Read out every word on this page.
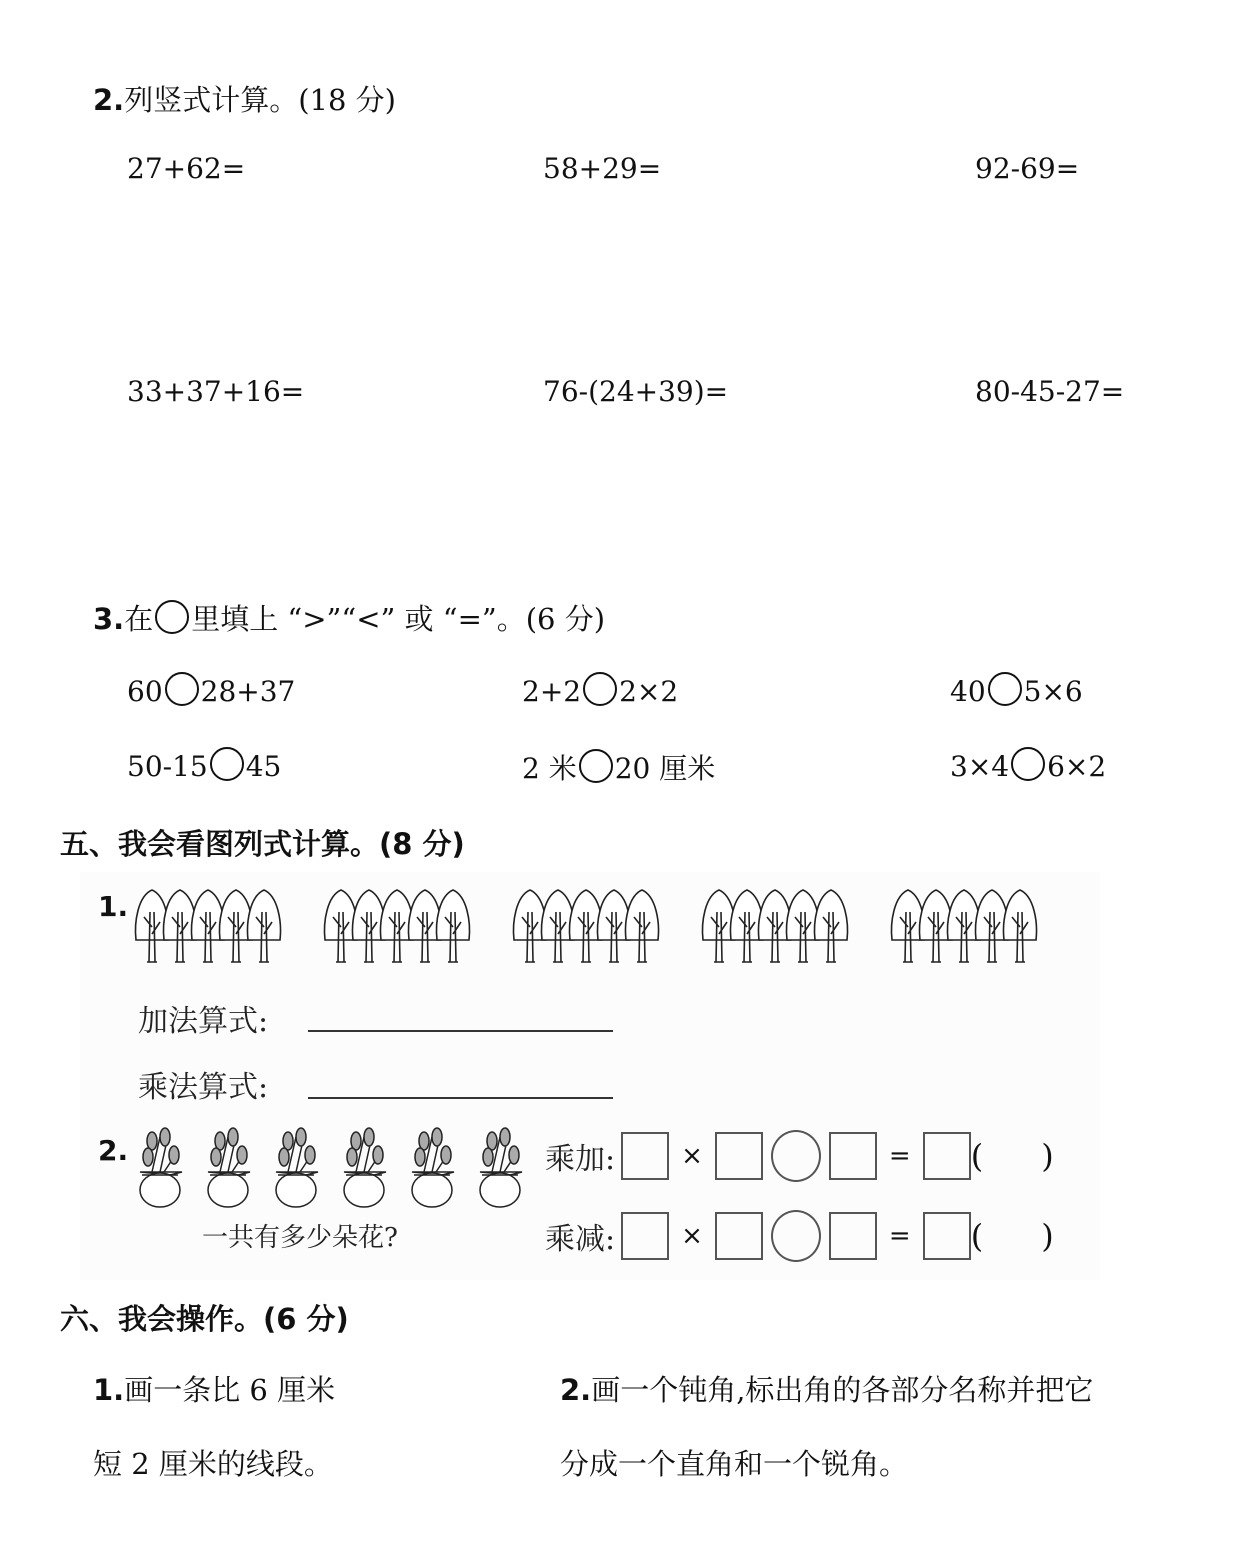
2.列竖式计算。(18 分)
27+62=	58+29=	92-69=
33+37+16=	76-(24+39)=	80-45-27=
3.在 里填上 “>”“<” 或 “=”。(6 分)
60 28+37	2+2 2×2	40 5×6
50-15 45	2 米 20 厘米	3×4 6×2
五、我会看图列式计算。(8 分)
1.
加法算式:
乘法算式:
2.
一共有多少朵花?
乘加:	×	= ( )
乘减:	×	= ( )
六、我会操作。(6 分)
1.画一条比 6 厘米
短 2 厘米的线段。
2.画一个钝角,标出角的各部分名称并把它
分成一个直角和一个锐角。
